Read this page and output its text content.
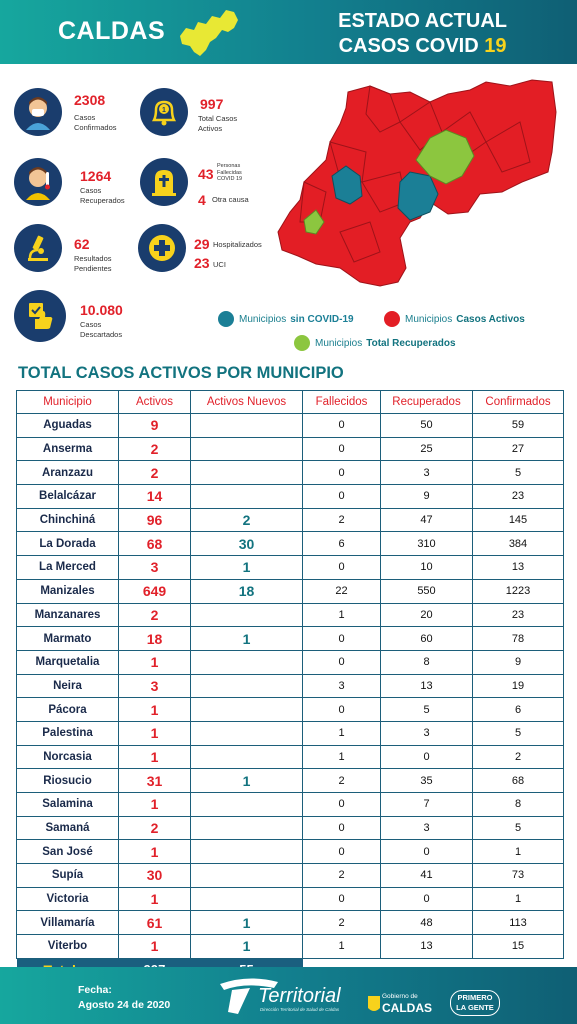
CALDAS	ESTADO ACTUAL
CASOS COVID 19
2308
Casos
Confirmados
1 997
Total Casos
Activos
1264
Casos
Recuperados
43 Personas
Fallecidas
COVID 19
4 Otra causa
62
Resultados
Pendientes
29 Hospitalizados
23 UCI
10.080
Casos
Descartados
Municipios sin COVID-19	Municipios Casos Activos
Municipios Total Recuperados
TOTAL CASOS ACTIVOS POR MUNICIPIO
Municipio	Activos	Activos Nuevos	Fallecidos	Recuperados	Confirmados
Aguadas	9		0	50	59
Anserma	2		0	25	27
Aranzazu	2		0	3	5
Belalcázar	14		0	9	23
Chinchiná	96	2	2	47	145
La Dorada	68	30	6	310	384
La Merced	3	1	0	10	13
Manizales	649	18	22	550	1223
Manzanares	2		1	20	23
Marmato	18	1	0	60	78
Marquetalia	1		0	8	9
Neira	3		3	13	19
Pácora	1		0	5	6
Palestina	1		1	3	5
Norcasia	1		1	0	2
Riosucio	31	1	2	35	68
Salamina	1		0	7	8
Samaná	2		0	3	5
San José	1		0	0	1
Supía	30		2	41	73
Victoria	1		0	0	1
Villamaría	61	1	2	48	113
Viterbo	1	1	1	13	15

Fecha:
Agosto 24 de 2020	Territorial
Dirección Territorial de Salud de Caldas
Gobierno de
CALDAS
PRIMERO
LA GENTE
